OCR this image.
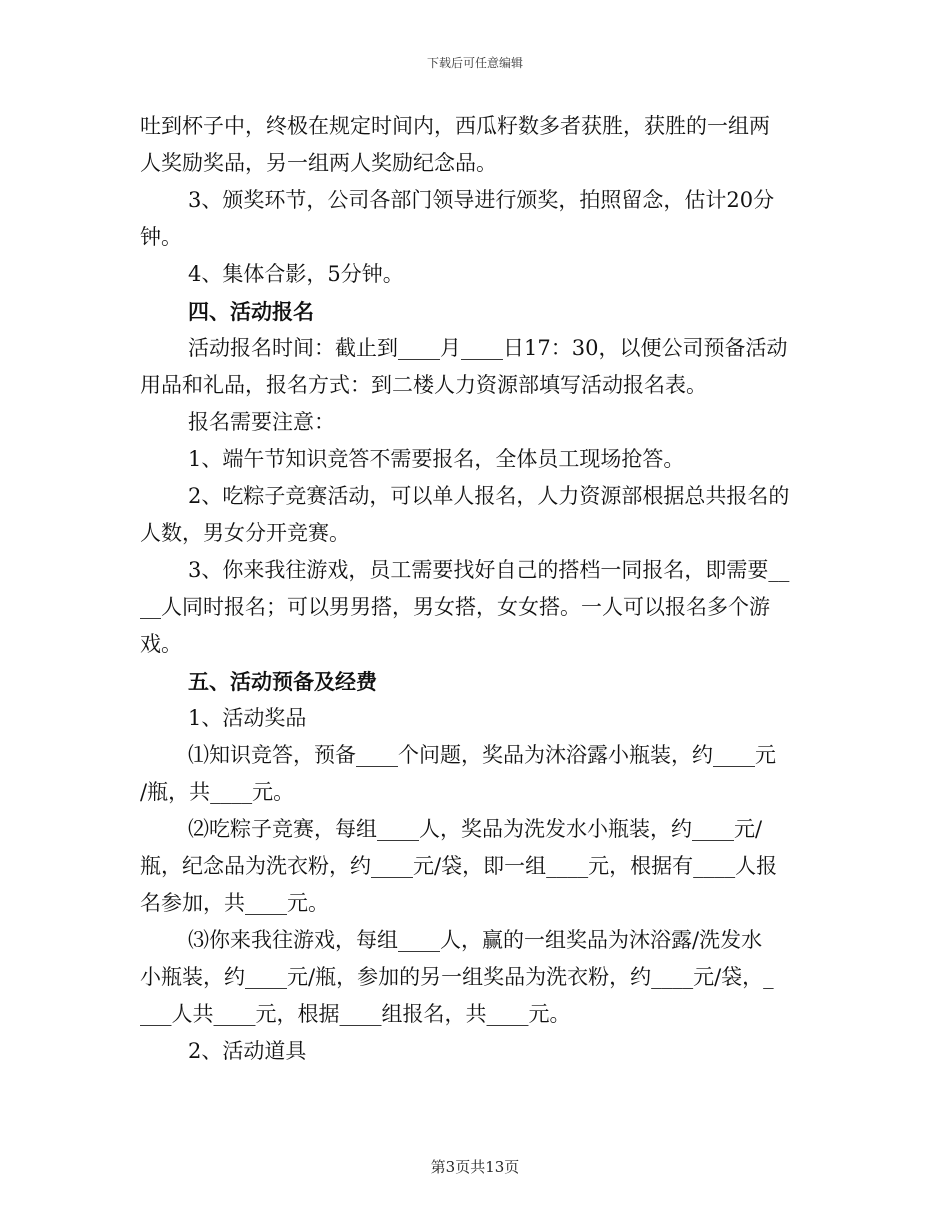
下载后可任意编辑

吐到杯子中，终极在规定时间内，西瓜籽数多者获胜，获胜的一组两

人奖励奖品，另一组两人奖励纪念品。

3、颁奖环节，公司各部门领导进行颁奖，拍照留念，估计20分

钟。

4、集体合影，5分钟。

四、活动报名

活动报名时间：截止到____月____日17：30，以便公司预备活动

用品和礼品，报名方式：到二楼人力资源部填写活动报名表。

报名需要注意：

1、端午节知识竞答不需要报名，全体员工现场抢答。

2、吃粽子竞赛活动，可以单人报名，人力资源部根据总共报名的

人数，男女分开竞赛。

3、你来我往游戏，员工需要找好自己的搭档一同报名，即需要__

__人同时报名；可以男男搭，男女搭，女女搭。一人可以报名多个游

戏。

五、活动预备及经费

1、活动奖品

⑴知识竞答，预备____个问题，奖品为沐浴露小瓶装，约____元

/瓶，共____元。

⑵吃粽子竞赛，每组____人，奖品为洗发水小瓶装，约____元/

瓶，纪念品为洗衣粉，约____元/袋，即一组____元，根据有____人报

名参加，共____元。

⑶你来我往游戏，每组____人，赢的一组奖品为沐浴露/洗发水

小瓶装，约____元/瓶，参加的另一组奖品为洗衣粉，约____元/袋，_

___人共____元，根据____组报名，共____元。

2、活动道具

第3页共13页
